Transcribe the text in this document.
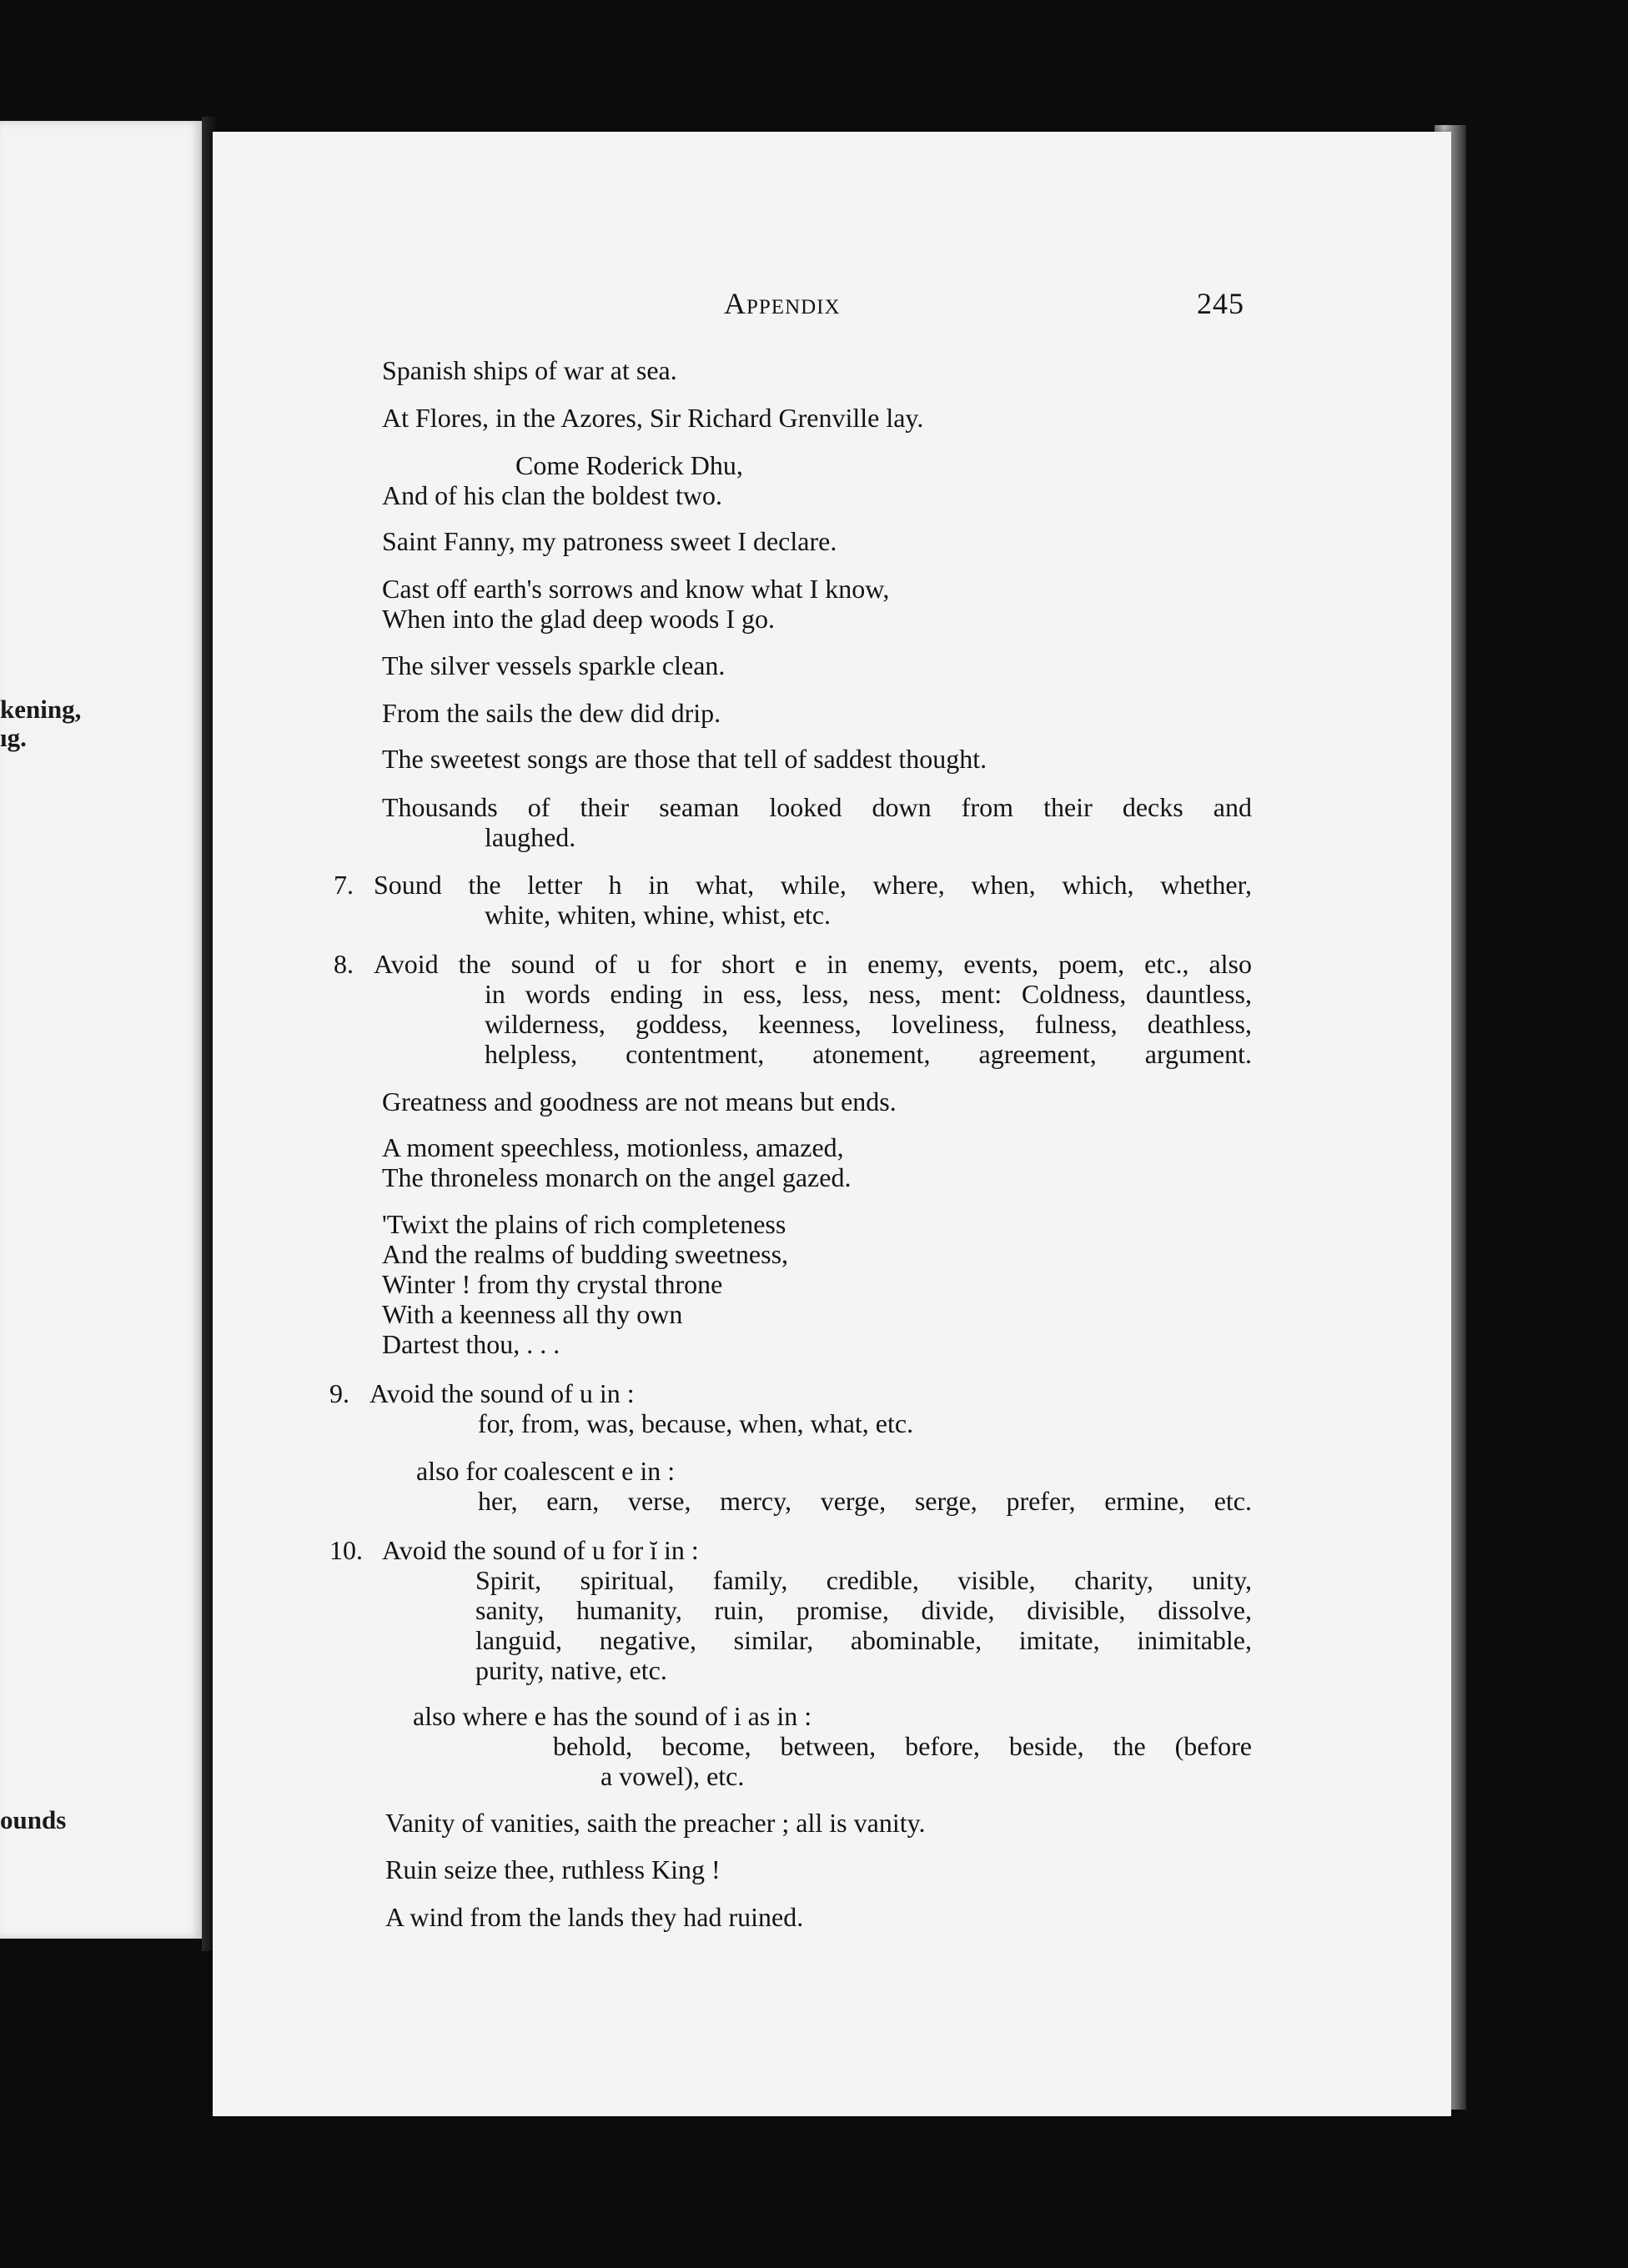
kening,
ıg.
ounds
Appendix	245
Spanish ships of war at sea.
At Flores, in the Azores, Sir Richard Grenville lay.
Come Roderick Dhu,
And of his clan the boldest two.
Saint Fanny, my patroness sweet I declare.
Cast off earth's sorrows and know what I know,
When into the glad deep woods I go.
The silver vessels sparkle clean.
From the sails the dew did drip.
The sweetest songs are those that tell of saddest thought.
Thousands of their seaman looked down from their decks and
laughed.
7. Sound the letter h in what, while, where, when, which, whether,
white, whiten, whine, whist, etc.
8. Avoid the sound of u for short e in enemy, events, poem, etc., also
in words ending in ess, less, ness, ment: Coldness, dauntless,
wilderness, goddess, keenness, loveliness, fulness, deathless,
helpless, contentment, atonement, agreement, argument.
Greatness and goodness are not means but ends.
A moment speechless, motionless, amazed,
The throneless monarch on the angel gazed.
'Twixt the plains of rich completeness
And the realms of budding sweetness,
Winter ! from thy crystal throne
With a keenness all thy own
Dartest thou, . . .
9. Avoid the sound of u in :
for, from, was, because, when, what, etc.
also for coalescent e in :
her, earn, verse, mercy, verge, serge, prefer, ermine, etc.
10. Avoid the sound of u for ĭ in :
Spirit, spiritual, family, credible, visible, charity, unity,
sanity, humanity, ruin, promise, divide, divisible, dissolve,
languid, negative, similar, abominable, imitate, inimitable,
purity, native, etc.
also where e has the sound of i as in :
behold, become, between, before, beside, the (before
a vowel), etc.
Vanity of vanities, saith the preacher ; all is vanity.
Ruin seize thee, ruthless King !
A wind from the lands they had ruined.
